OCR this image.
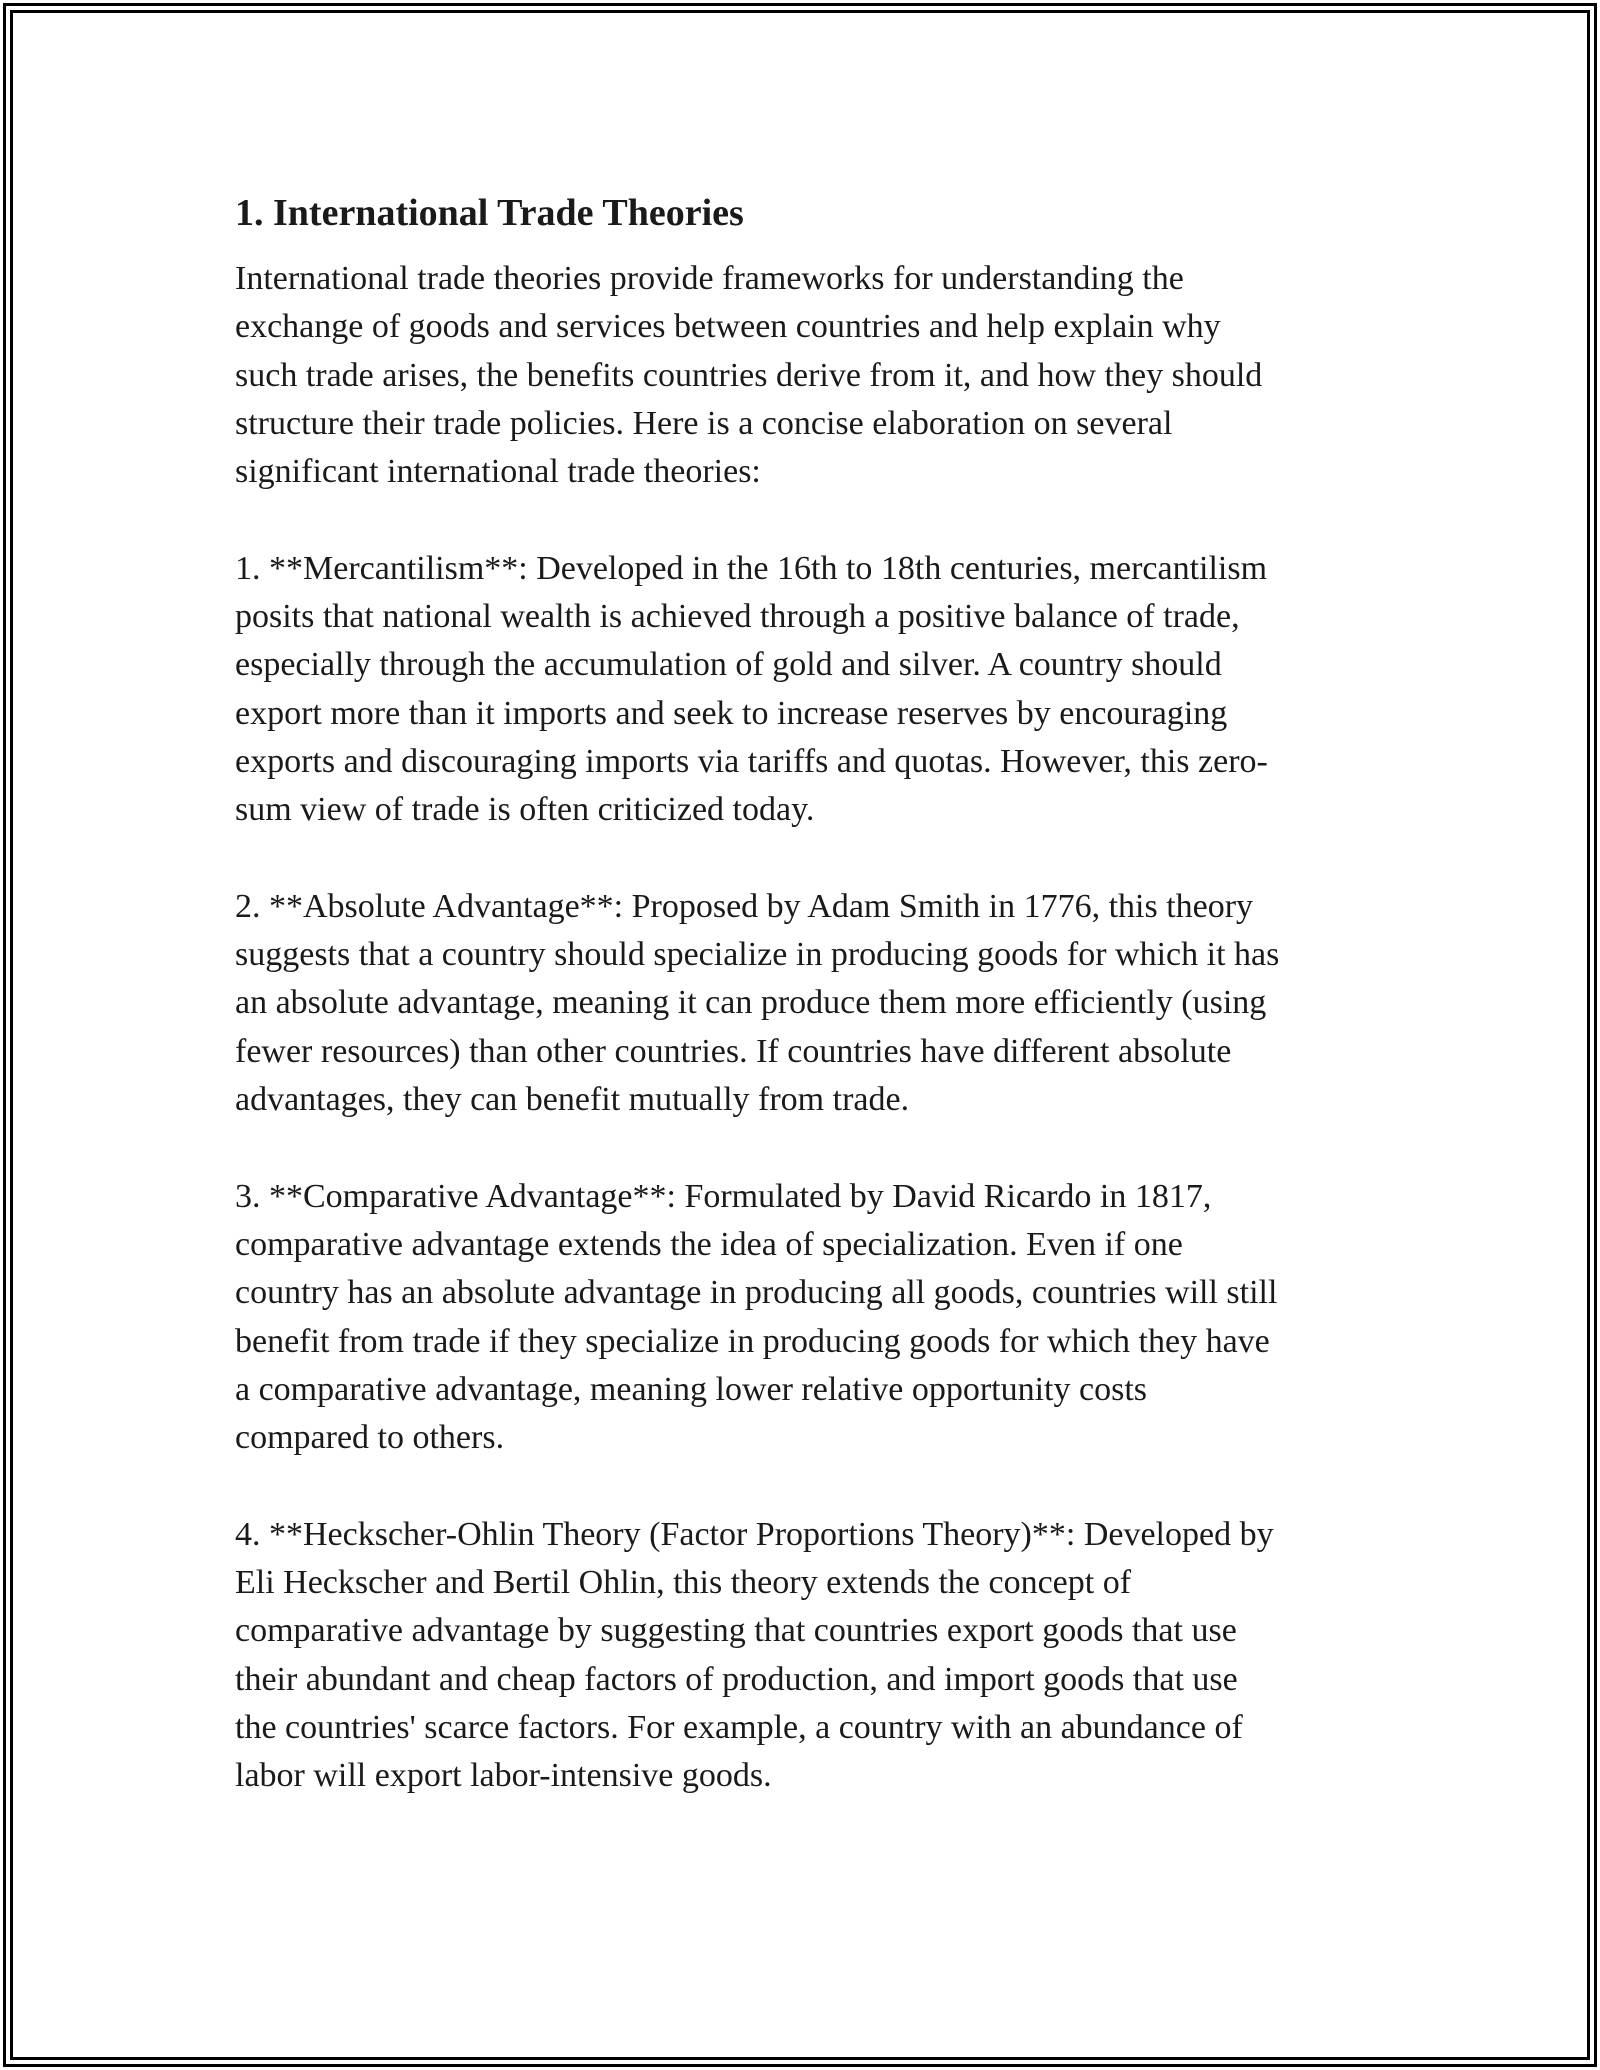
1. International Trade Theories
International trade theories provide frameworks for understanding the
exchange of goods and services between countries and help explain why
such trade arises, the benefits countries derive from it, and how they should
structure their trade policies. Here is a concise elaboration on several
significant international trade theories:

1. **Mercantilism**: Developed in the 16th to 18th centuries, mercantilism
posits that national wealth is achieved through a positive balance of trade,
especially through the accumulation of gold and silver. A country should
export more than it imports and seek to increase reserves by encouraging
exports and discouraging imports via tariffs and quotas. However, this zero-
sum view of trade is often criticized today.

2. **Absolute Advantage**: Proposed by Adam Smith in 1776, this theory
suggests that a country should specialize in producing goods for which it has
an absolute advantage, meaning it can produce them more efficiently (using
fewer resources) than other countries. If countries have different absolute
advantages, they can benefit mutually from trade.

3. **Comparative Advantage**: Formulated by David Ricardo in 1817,
comparative advantage extends the idea of specialization. Even if one
country has an absolute advantage in producing all goods, countries will still
benefit from trade if they specialize in producing goods for which they have
a comparative advantage, meaning lower relative opportunity costs
compared to others.

4. **Heckscher-Ohlin Theory (Factor Proportions Theory)**: Developed by
Eli Heckscher and Bertil Ohlin, this theory extends the concept of
comparative advantage by suggesting that countries export goods that use
their abundant and cheap factors of production, and import goods that use
the countries' scarce factors. For example, a country with an abundance of
labor will export labor-intensive goods.
